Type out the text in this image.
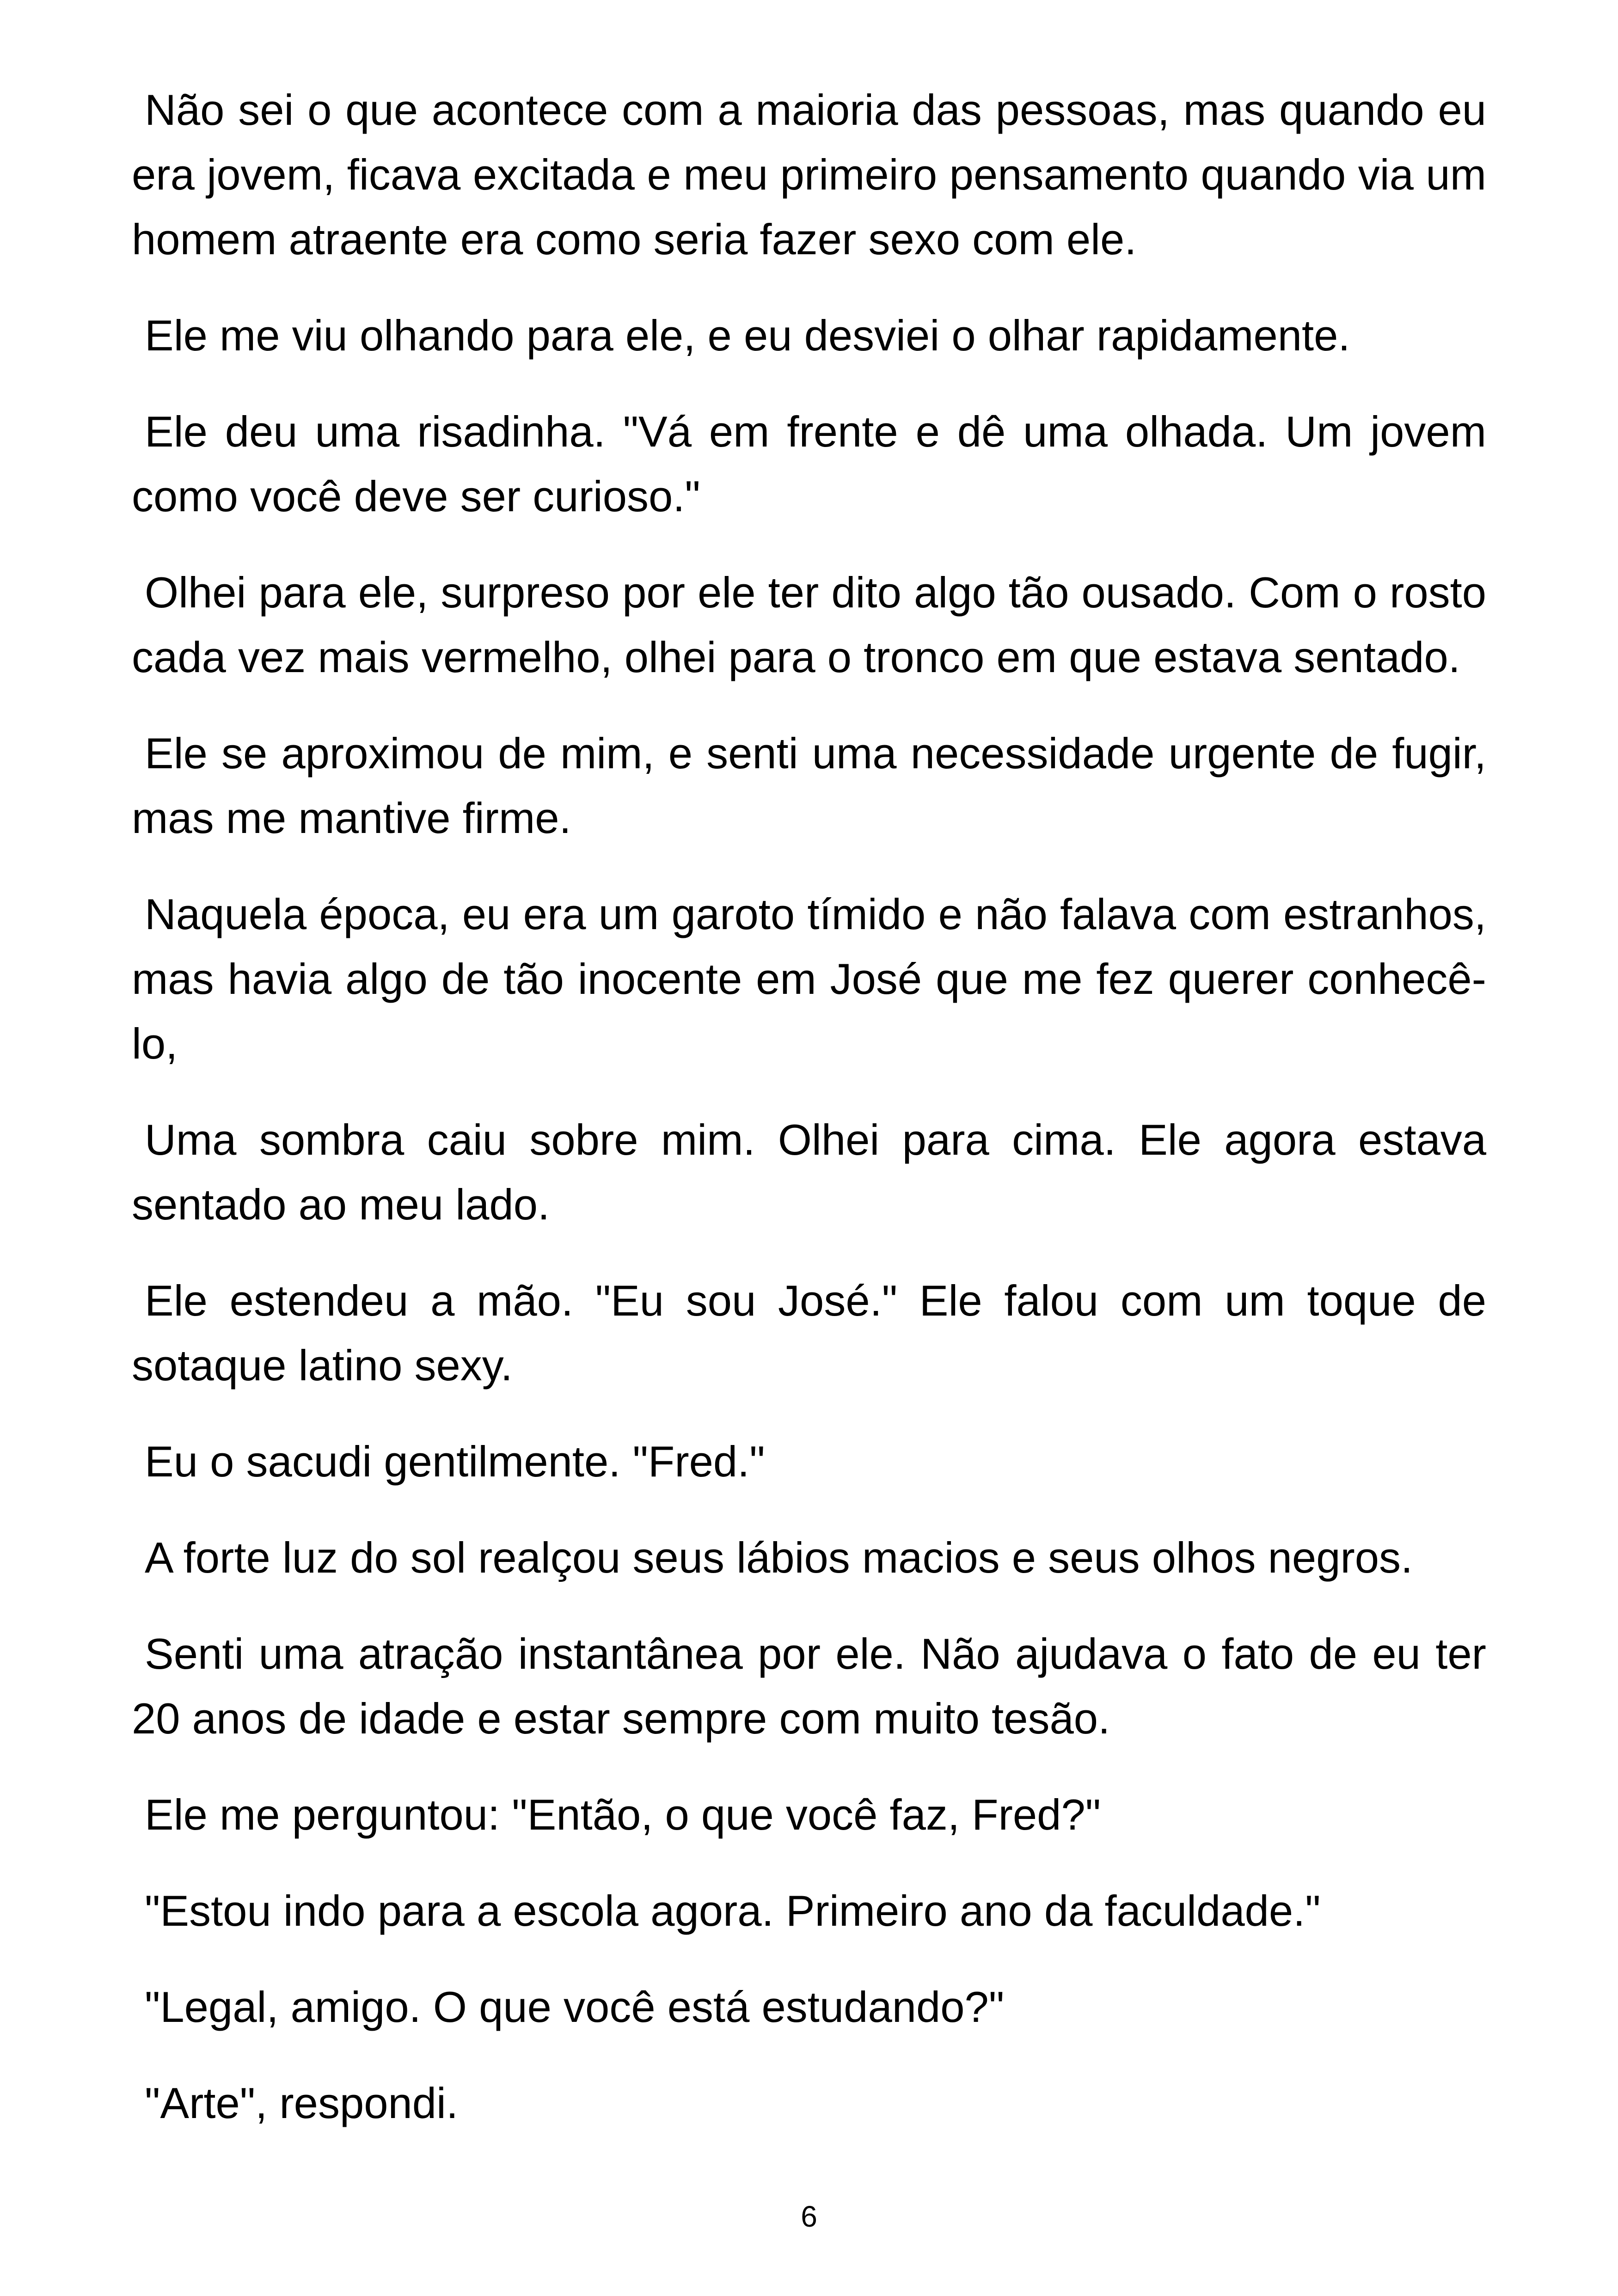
Não sei o que acontece com a maioria das pessoas, mas quando eu era jovem, ficava excitada e meu primeiro pensamento quando via um homem atraente era como seria fazer sexo com ele.

Ele me viu olhando para ele, e eu desviei o olhar rapidamente.

Ele deu uma risadinha. "Vá em frente e dê uma olhada. Um jovem como você deve ser curioso."

Olhei para ele, surpreso por ele ter dito algo tão ousado. Com o rosto cada vez mais vermelho, olhei para o tronco em que estava sentado.

Ele se aproximou de mim, e senti uma necessidade urgente de fugir, mas me mantive firme.

Naquela época, eu era um garoto tímido e não falava com estranhos, mas havia algo de tão inocente em José que me fez querer conhecê-lo,

Uma sombra caiu sobre mim. Olhei para cima. Ele agora estava sentado ao meu lado.

Ele estendeu a mão. "Eu sou José." Ele falou com um toque de sotaque latino sexy.

Eu o sacudi gentilmente. "Fred."

A forte luz do sol realçou seus lábios macios e seus olhos negros.

Senti uma atração instantânea por ele. Não ajudava o fato de eu ter 20 anos de idade e estar sempre com muito tesão.

Ele me perguntou: "Então, o que você faz, Fred?"

"Estou indo para a escola agora. Primeiro ano da faculdade."

"Legal, amigo. O que você está estudando?"

"Arte", respondi.

6
